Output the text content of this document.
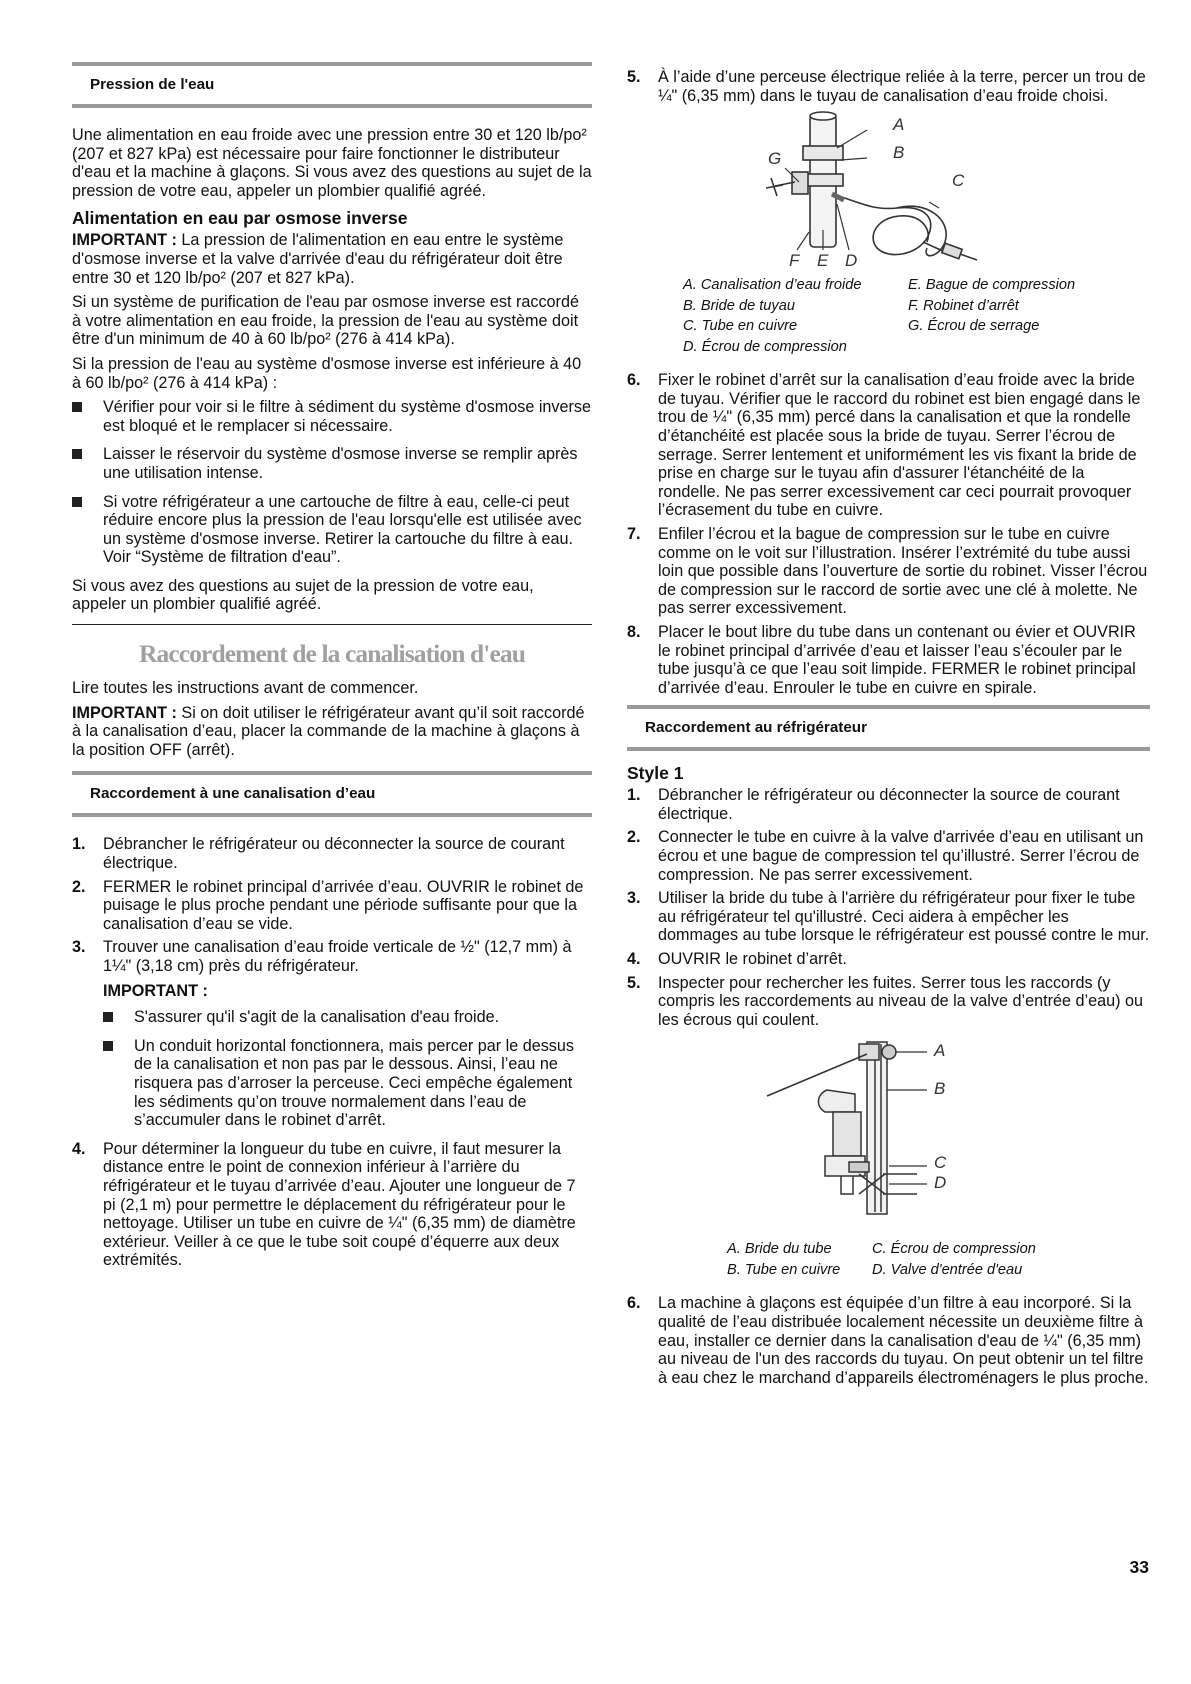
Pression de l'eau

Une alimentation en eau froide avec une pression entre 30 et 120 lb/po² (207 et 827 kPa) est nécessaire pour faire fonctionner le distributeur d'eau et la machine à glaçons. Si vous avez des questions au sujet de la pression de votre eau, appeler un plombier qualifié agréé.

Alimentation en eau par osmose inverse

IMPORTANT : La pression de l'alimentation en eau entre le système d'osmose inverse et la valve d'arrivée d'eau du réfrigérateur doit être entre 30 et 120 lb/po² (207 et 827 kPa).

Si un système de purification de l'eau par osmose inverse est raccordé à votre alimentation en eau froide, la pression de l'eau au système doit être d'un minimum de 40 à 60 lb/po² (276 à 414 kPa).

Si la pression de l'eau au système d'osmose inverse est inférieure à 40 à 60 lb/po² (276 à 414 kPa) :

Vérifier pour voir si le filtre à sédiment du système d'osmose inverse est bloqué et le remplacer si nécessaire.
Laisser le réservoir du système d'osmose inverse se remplir après une utilisation intense.
Si votre réfrigérateur a une cartouche de filtre à eau, celle-ci peut réduire encore plus la pression de l'eau lorsqu'elle est utilisée avec un système d'osmose inverse. Retirer la cartouche du filtre à eau. Voir “Système de filtration d'eau”.

Si vous avez des questions au sujet de la pression de votre eau, appeler un plombier qualifié agréé.

Raccordement de la canalisation d'eau

Lire toutes les instructions avant de commencer.

IMPORTANT : Si on doit utiliser le réfrigérateur avant qu’il soit raccordé à la canalisation d’eau, placer la commande de la machine à glaçons à la position OFF (arrêt).

Raccordement à une canalisation d’eau
1. Débrancher le réfrigérateur ou déconnecter la source de courant électrique.
2. FERMER le robinet principal d’arrivée d’eau. OUVRIR le robinet de puisage le plus proche pendant une période suffisante pour que la canalisation d’eau se vide.
3. Trouver une canalisation d’eau froide verticale de ½" (12,7 mm) à 1¼" (3,18 cm) près du réfrigérateur.
IMPORTANT :
S'assurer qu'il s'agit de la canalisation d'eau froide.
Un conduit horizontal fonctionnera, mais percer par le dessus de la canalisation et non pas par le dessous. Ainsi, l’eau ne risquera pas d’arroser la perceuse. Ceci empêche également les sédiments qu’on trouve normalement dans l’eau de s’accumuler dans le robinet d’arrêt.
4. Pour déterminer la longueur du tube en cuivre, il faut mesurer la distance entre le point de connexion inférieur à l’arrière du réfrigérateur et le tuyau d’arrivée d’eau. Ajouter une longueur de 7 pi (2,1 m) pour permettre le déplacement du réfrigérateur pour le nettoyage. Utiliser un tube en cuivre de ¼" (6,35 mm) de diamètre extérieur. Veiller à ce que le tube soit coupé d’équerre aux deux extrémités.
5. À l’aide d’une perceuse électrique reliée à la terre, percer un trou de ¼" (6,35 mm) dans le tuyau de canalisation d’eau froide choisi.
A
B
C
G
F E D
A. Canalisation d’eau froide	E. Bague de compression
B. Bride de tuyau	F. Robinet d’arrêt
C. Tube en cuivre	G. Écrou de serrage
D. Écrou de compression
6. Fixer le robinet d’arrêt sur la canalisation d’eau froide avec la bride de tuyau. Vérifier que le raccord du robinet est bien engagé dans le trou de ¼" (6,35 mm) percé dans la canalisation et que la rondelle d’étanchéité est placée sous la bride de tuyau. Serrer l’écrou de serrage. Serrer lentement et uniformément les vis fixant la bride de prise en charge sur le tuyau afin d'assurer l'étanchéité de la rondelle. Ne pas serrer excessivement car ceci pourrait provoquer l’écrasement du tube en cuivre.
7. Enfiler l’écrou et la bague de compression sur le tube en cuivre comme on le voit sur l’illustration. Insérer l’extrémité du tube aussi loin que possible dans l’ouverture de sortie du robinet. Visser l’écrou de compression sur le raccord de sortie avec une clé à molette. Ne pas serrer excessivement.
8. Placer le bout libre du tube dans un contenant ou évier et OUVRIR le robinet principal d’arrivée d’eau et laisser l’eau s’écouler par le tube jusqu’à ce que l’eau soit limpide. FERMER le robinet principal d’arrivée d’eau. Enrouler le tube en cuivre en spirale.
Raccordement au réfrigérateur
Style 1
1. Débrancher le réfrigérateur ou déconnecter la source de courant électrique.
2. Connecter le tube en cuivre à la valve d'arrivée d’eau en utilisant un écrou et une bague de compression tel qu’illustré. Serrer l’écrou de compression. Ne pas serrer excessivement.
3. Utiliser la bride du tube à l'arrière du réfrigérateur pour fixer le tube au réfrigérateur tel qu'illustré. Ceci aidera à empêcher les dommages au tube lorsque le réfrigérateur est poussé contre le mur.
4. OUVRIR le robinet d’arrêt.
5. Inspecter pour rechercher les fuites. Serrer tous les raccords (y compris les raccordements au niveau de la valve d’entrée d’eau) ou les écrous qui coulent.
A
B
C
D
A. Bride du tube	C. Écrou de compression
B. Tube en cuivre	D. Valve d'entrée d'eau
6. La machine à glaçons est équipée d’un filtre à eau incorporé. Si la qualité de l’eau distribuée localement nécessite un deuxième filtre à eau, installer ce dernier dans la canalisation d'eau de ¼" (6,35 mm) au niveau de l'un des raccords du tuyau. On peut obtenir un tel filtre à eau chez le marchand d’appareils électroménagers le plus proche.
33
